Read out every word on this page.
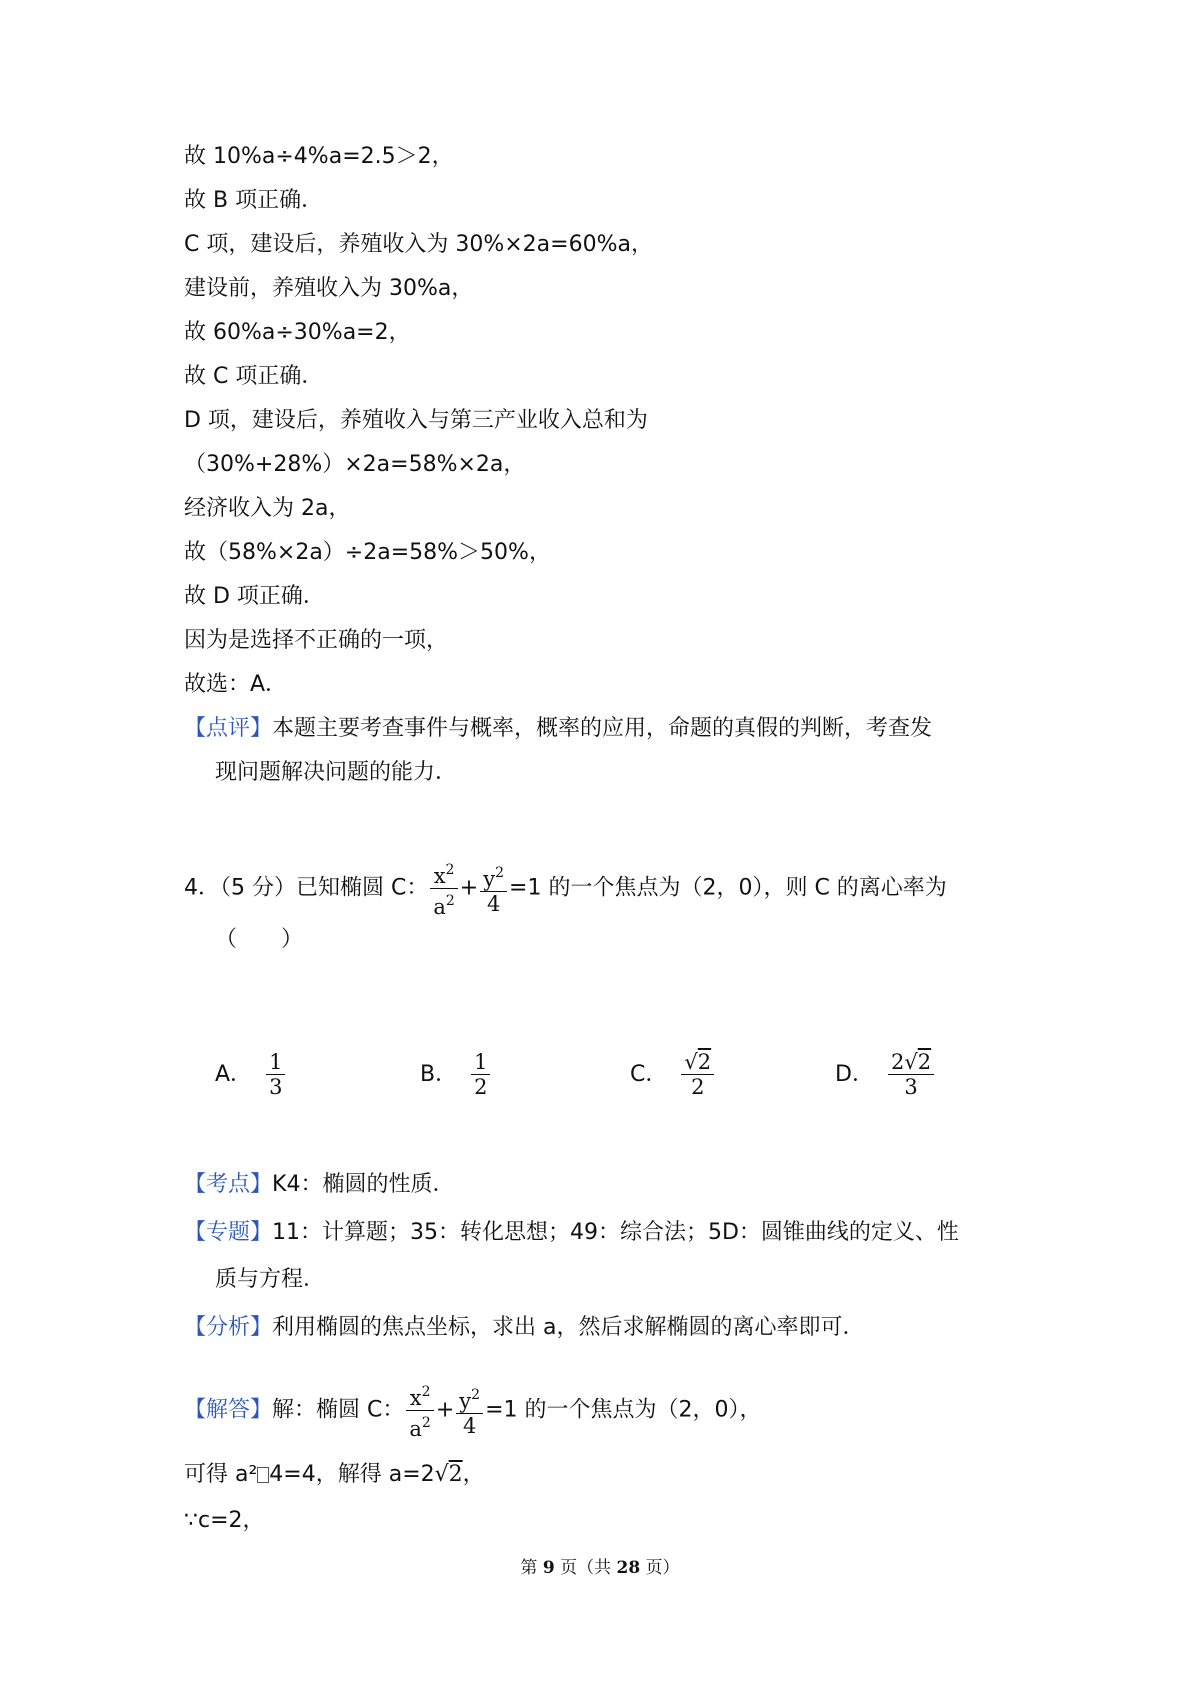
故 10%a÷4%a=2.5＞2，
故 B 项正确．
C 项，建设后，养殖收入为 30%×2a=60%a，
建设前，养殖收入为 30%a，
故 60%a÷30%a=2，
故 C 项正确．
D 项，建设后，养殖收入与第三产业收入总和为
（30%+28%）×2a=58%×2a，
经济收入为 2a，
故（58%×2a）÷2a=58%＞50%，
故 D 项正确．
因为是选择不正确的一项，
故选：A．
【点评】本题主要考查事件与概率，概率的应用，命题的真假的判断，考查发
现问题解决问题的能力．
4．（5 分）已知椭圆 C： $\frac{x^2}{a^2} + \frac{y^2}{4} =1$ 的一个焦点为（2，0），则 C 的离心率为
（　　）
A． $\frac{1}{3}$	B． $\frac{1}{2}$	C． $\frac{√2}{2}$	D． $\frac{2√2}{3}$
【考点】K4：椭圆的性质．
【专题】11：计算题；35：转化思想；49：综合法；5D：圆锥曲线的定义、性
质与方程．
【分析】利用椭圆的焦点坐标，求出 a，然后求解椭圆的离心率即可．
【解答】解：椭圆 C： $\frac{x^2}{a^2} + \frac{y^2}{4} =1$ 的一个焦点为（2，0），
可得 a² 4=4，解得 a=2√2，
∵c=2，
第 9 页（共 28 页）
